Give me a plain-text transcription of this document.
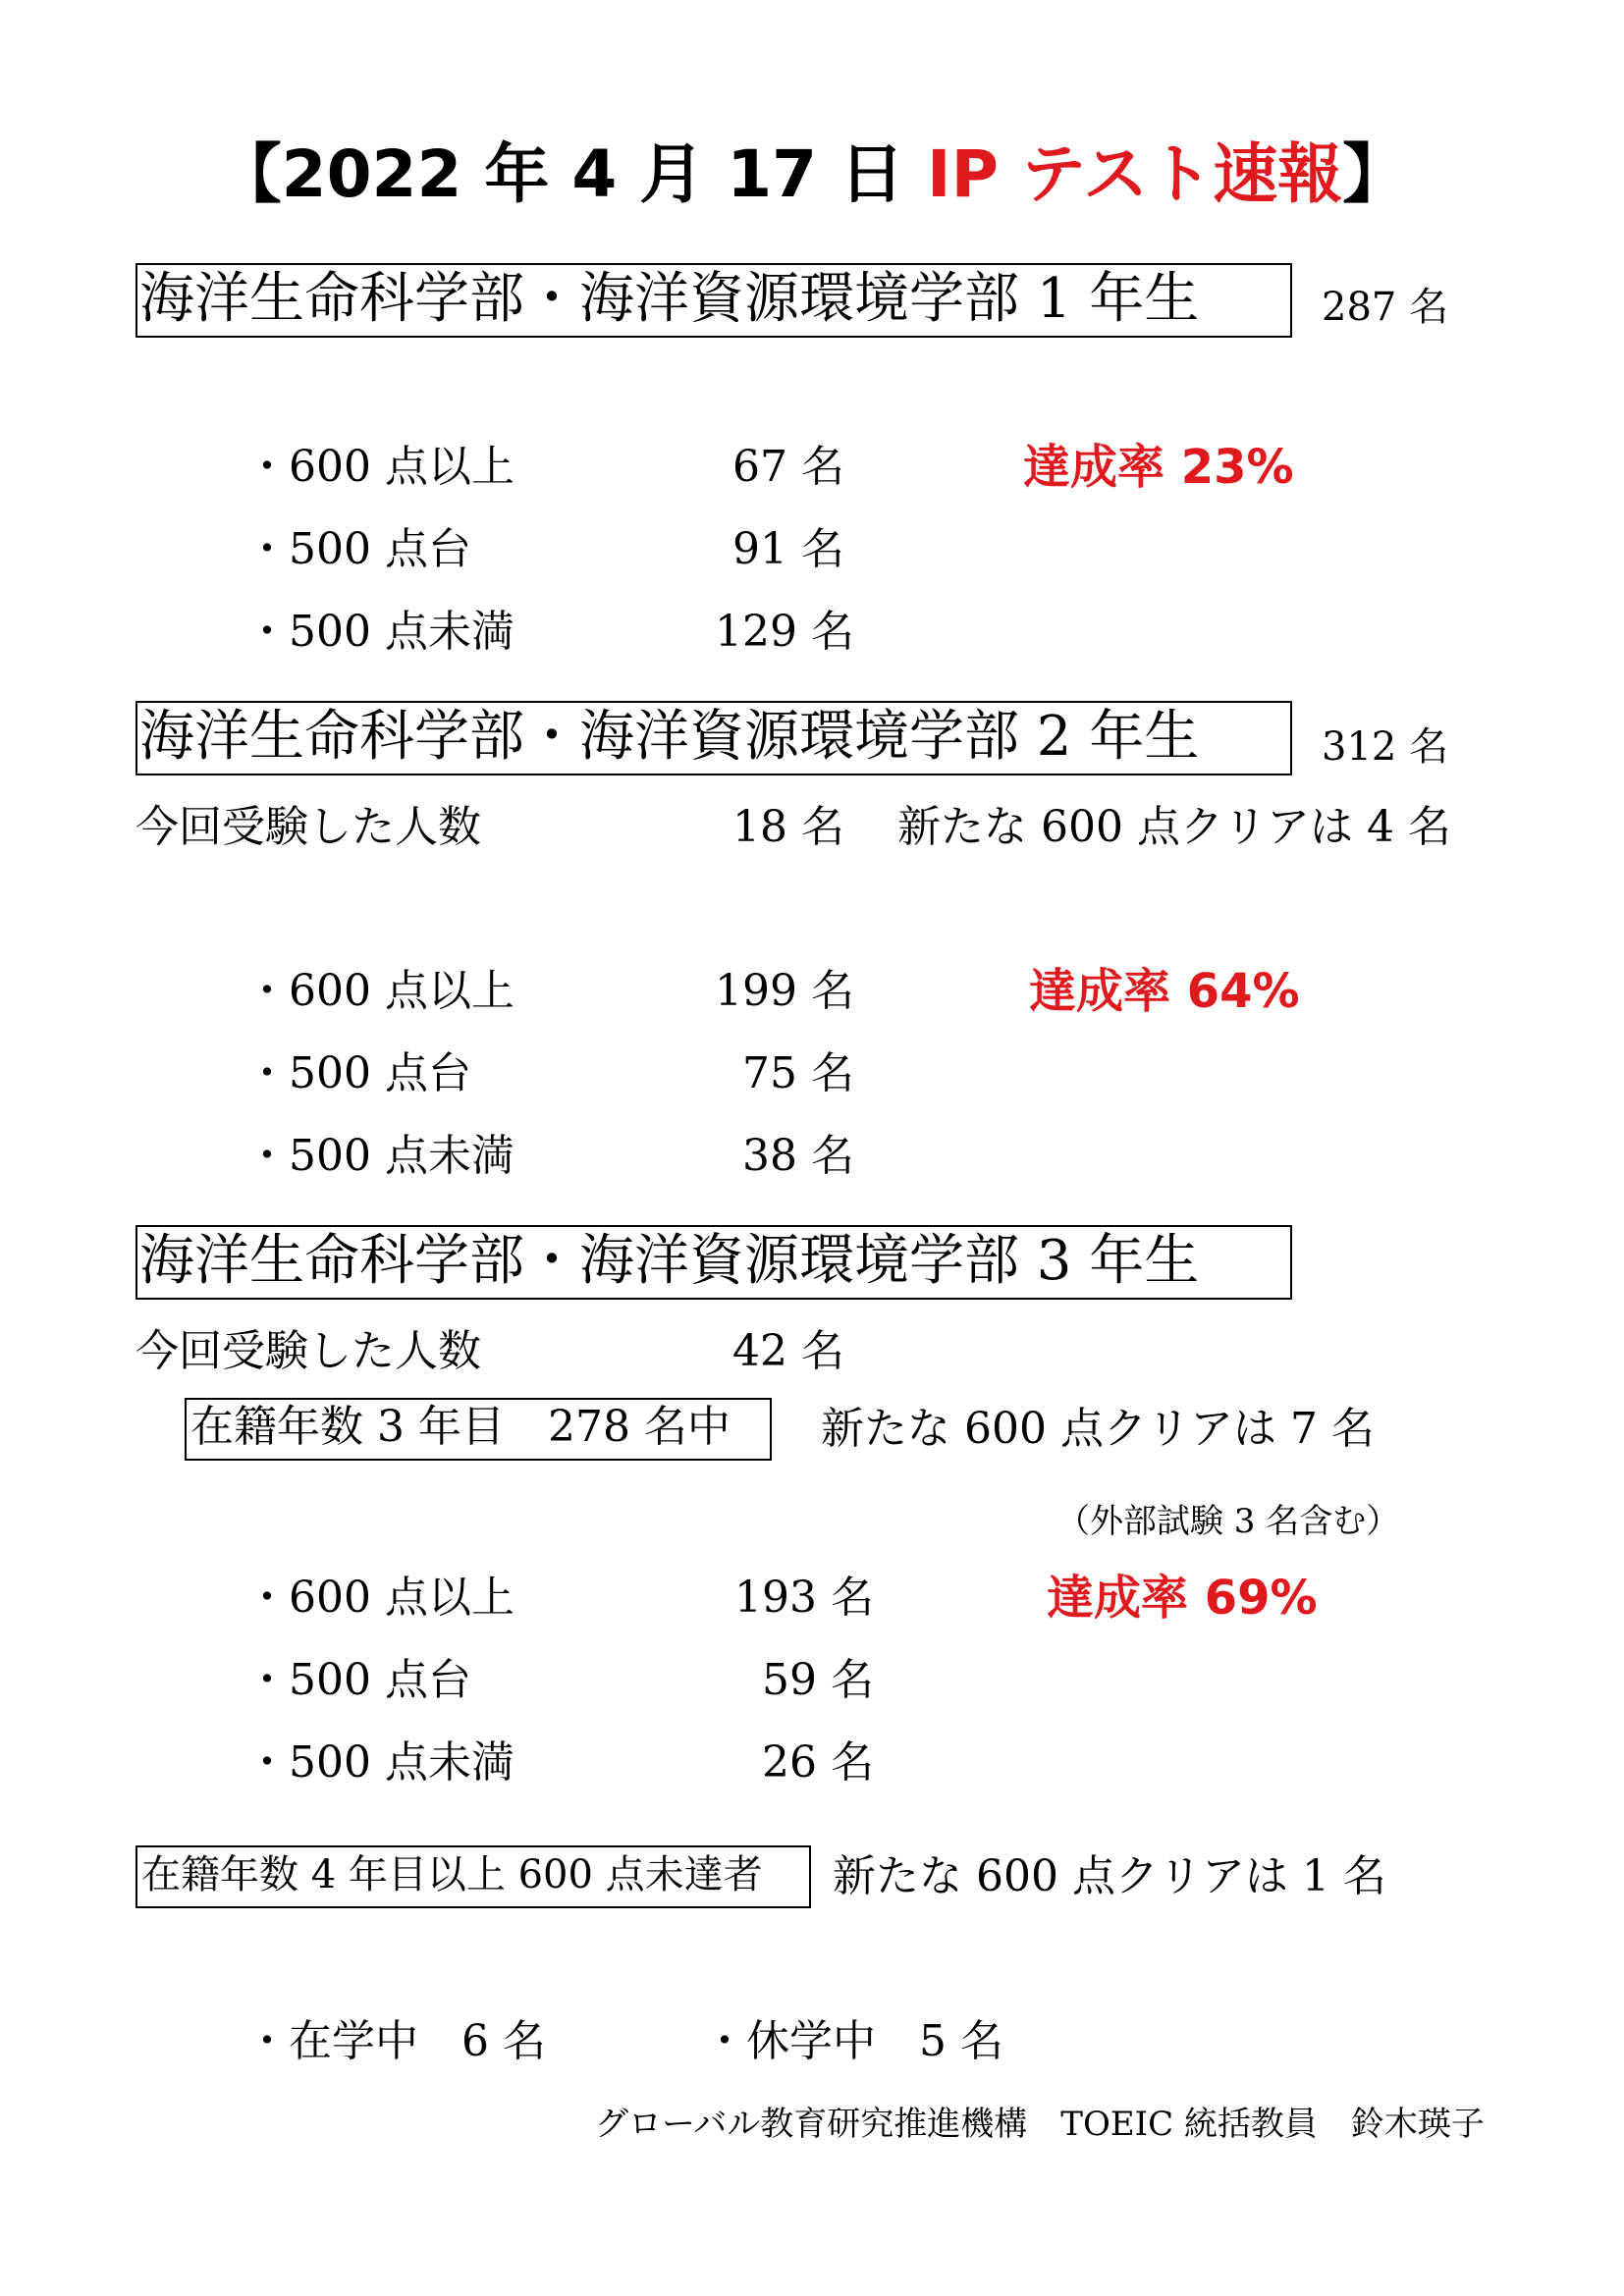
【2022 年 4 月 17 日 IP テスト速報】
海洋生命科学部・海洋資源環境学部 1 年生	287 名
・600 点以上	67 名	達成率 23%
・500 点台	91 名
・500 点未満	129 名
海洋生命科学部・海洋資源環境学部 2 年生	312 名
今回受験した人数	18 名 新たな 600 点クリアは 4 名
・600 点以上	199 名	達成率 64%
・500 点台	75 名
・500 点未満	38 名
海洋生命科学部・海洋資源環境学部 3 年生
今回受験した人数	42 名
在籍年数 3 年目　278 名中	新たな 600 点クリアは 7 名
（外部試験 3 名含む）
・600 点以上	193 名	達成率 69%
・500 点台	59 名
・500 点未満	26 名
在籍年数 4 年目以上 600 点未達者	新たな 600 点クリアは 1 名
・在学中　6 名	・休学中　5 名
グローバル教育研究推進機構　TOEIC 統括教員　鈴木瑛子
